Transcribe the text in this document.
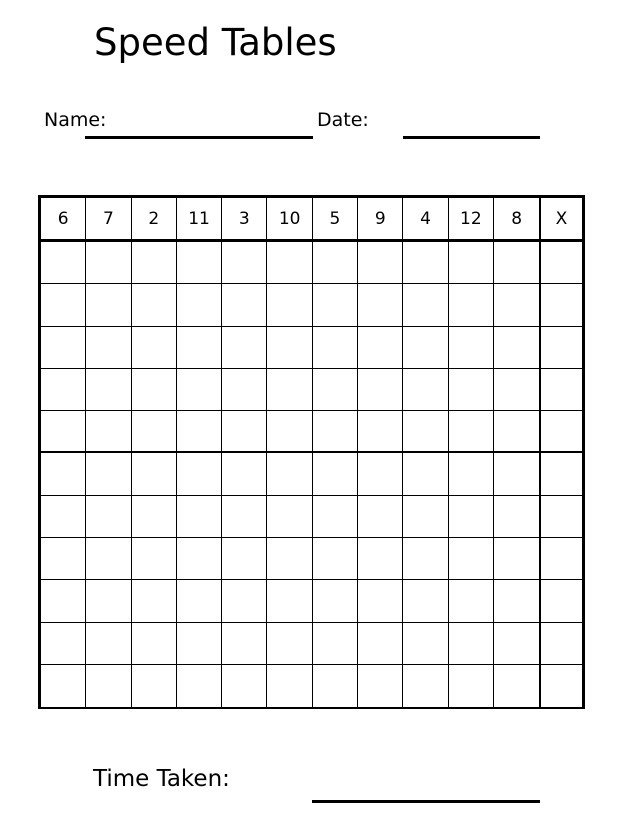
Speed Tables
Name:	Date:
6	7	2	11	3	10	5	9	4	12	8	X
Time Taken:
